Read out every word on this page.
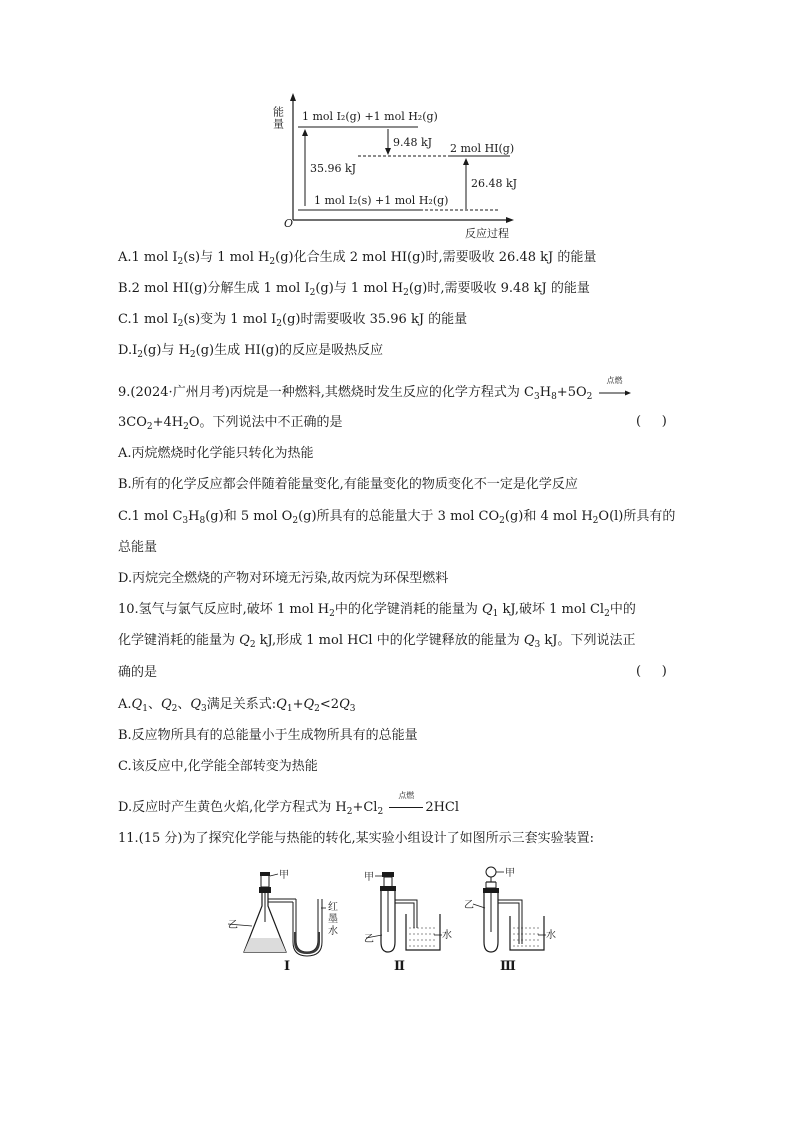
能量
O
反应过程
1 mol I₂(g) +1 mol H₂(g)
9.48 kJ 2 mol HI(g)
35.96 kJ
26.48 kJ
1 mol I₂(s) +1 mol H₂(g)
A.1 mol $I_2(s)$与 1 mol $H_2(g)$化合生成 2 mol HI(g)时,需要吸收 26.48 kJ 的能量
B.2 mol HI(g)分解生成 1 mol $I_2(g)$与 1 mol $H_2(g)$时,需要吸收 9.48 kJ 的能量
C.1 mol $I_2(s)$变为 1 mol $I_2(g)$时需要吸收 35.96 kJ 的能量
$D.I_2(g)$与 $H_2(g)$生成 HI(g)的反应是吸热反应
9.(2024·广州月考)丙烷是一种燃料,其燃烧时发生反应的化学方程式为 $C_3H_8+5O_2$
点燃
$3CO_2+4H_2O$。下列说法中不正确的是	(     )
A.丙烷燃烧时化学能只转化为热能
B.所有的化学反应都会伴随着能量变化,有能量变化的物质变化不一定是化学反应
C.1 mol $C_3H_8(g)$和 5 mol $O_2(g)$所具有的总能量大于 3 mol $CO_2(g)$和 4 mol $H_2O(l)$所具有的
总能量
D.丙烷完全燃烧的产物对环境无污染,故丙烷为环保型燃料
10.氢气与氯气反应时,破坏 1 mol $H_2$中的化学键消耗的能量为 $Q_1$ kJ,破坏 1 mol $Cl_2$中的
化学键消耗的能量为 $Q_2$ kJ,形成 1 mol HCl 中的化学键释放的能量为 $Q_3$ kJ。下列说法正
确的是	(     )
$A.Q_1$、$Q_2$、$Q_3$满足关系式$:Q_1+Q_2<2Q_3$
B.反应物所具有的总能量小于生成物所具有的总能量
C.该反应中,化学能全部转变为热能
D.反应时产生黄色火焰,化学方程式为 $H_2+Cl_2$
点燃
2HCl
11.(15 分)为了探究化学能与热能的转化,某实验小组设计了如图所示三套实验装置:
甲
乙
红 墨 水
Ⅰ
甲
乙	水
Ⅱ
甲
乙
水
Ⅲ
